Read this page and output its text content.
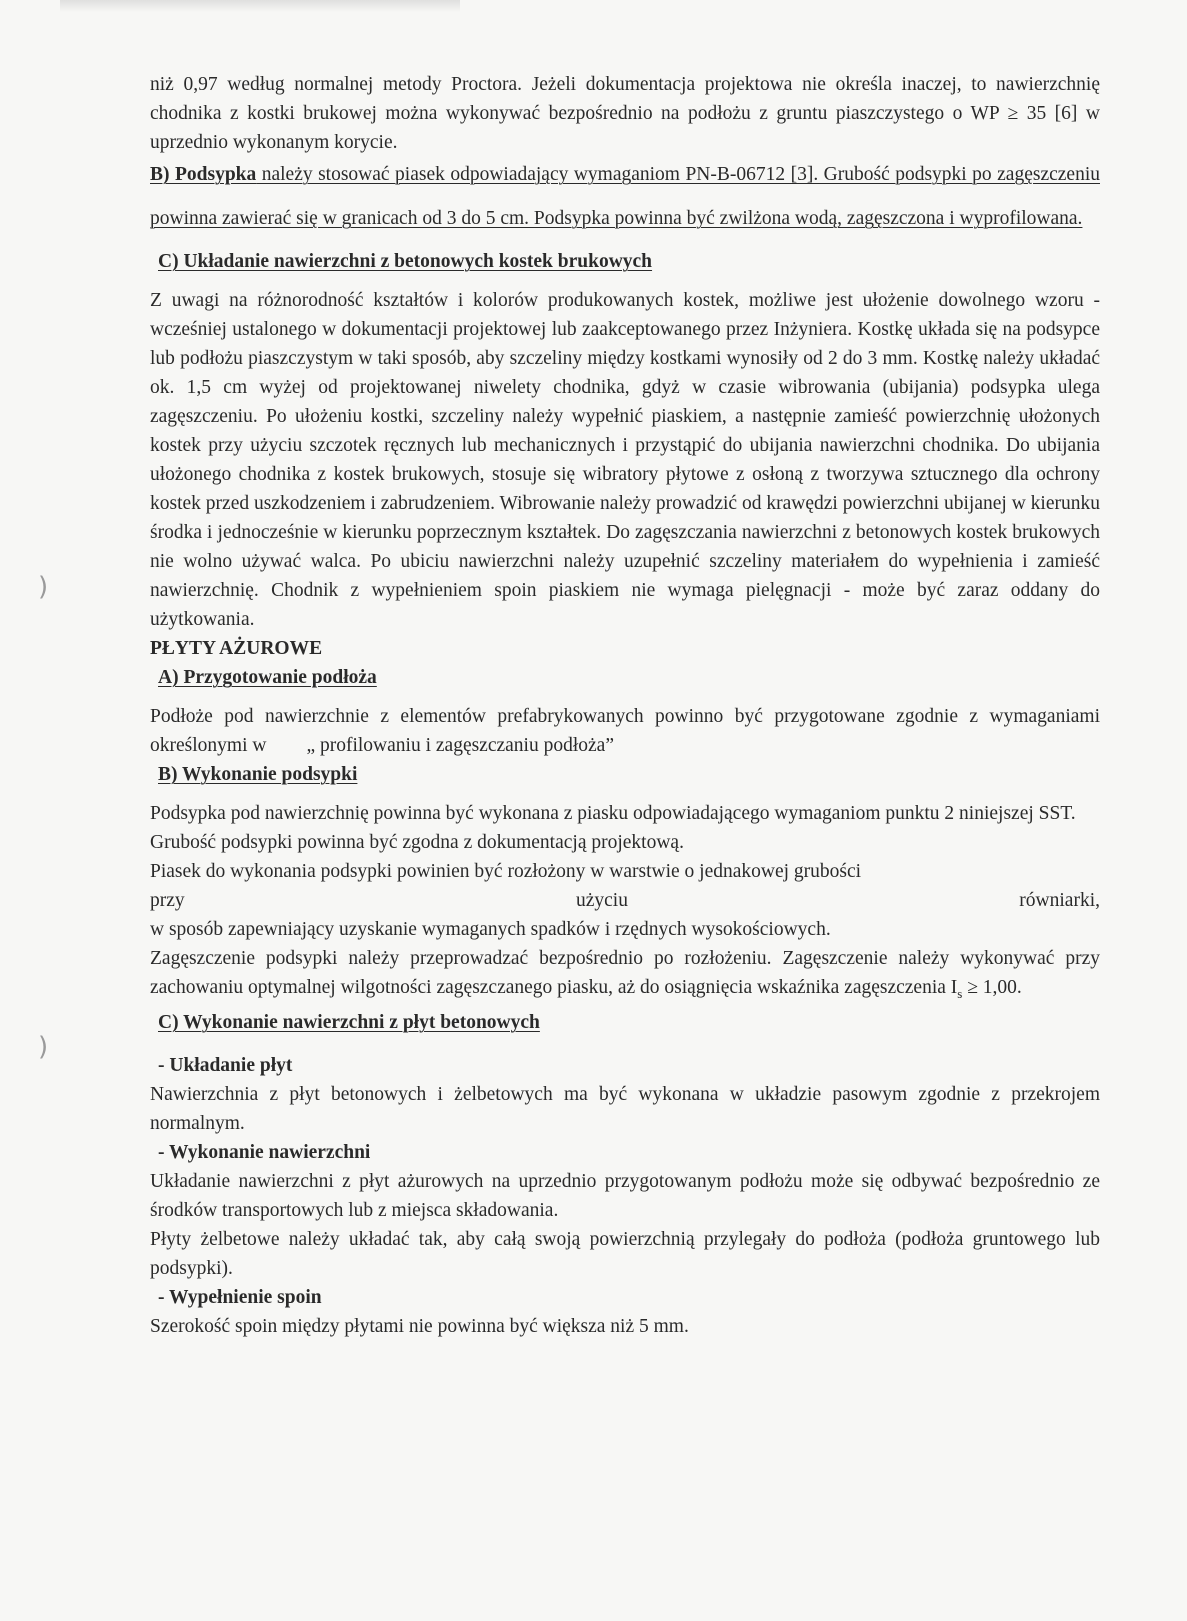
)
)

niż 0,97 według normalnej metody Proctora. Jeżeli dokumentacja projektowa nie określa inaczej, to nawierzchnię chodnika z kostki brukowej można wykonywać bezpośrednio na podłożu z gruntu piaszczystego o WP ≥ 35 [6] w uprzednio wykonanym korycie.

B) Podsypka należy stosować piasek odpowiadający wymaganiom PN-B-06712 [3]. Grubość podsypki po zagęszczeniu powinna zawierać się w granicach od 3 do 5 cm. Podsypka powinna być zwilżona wodą, zagęszczona i wyprofilowana.

C) Układanie nawierzchni z betonowych kostek brukowych

Z uwagi na różnorodność kształtów i kolorów produkowanych kostek, możliwe jest ułożenie dowolnego wzoru - wcześniej ustalonego w dokumentacji projektowej lub zaakceptowanego przez Inżyniera. Kostkę układa się na podsypce lub podłożu piaszczystym w taki sposób, aby szczeliny między kostkami wynosiły od 2 do 3 mm. Kostkę należy układać ok. 1,5 cm wyżej od projektowanej niwelety chodnika, gdyż w czasie wibrowania (ubijania) podsypka ulega zagęszczeniu. Po ułożeniu kostki, szczeliny należy wypełnić piaskiem, a następnie zamieść powierzchnię ułożonych kostek przy użyciu szczotek ręcznych lub mechanicznych i przystąpić do ubijania nawierzchni chodnika. Do ubijania ułożonego chodnika z kostek brukowych, stosuje się wibratory płytowe z osłoną z tworzywa sztucznego dla ochrony kostek przed uszkodzeniem i zabrudzeniem. Wibrowanie należy prowadzić od krawędzi powierzchni ubijanej w kierunku środka i jednocześnie w kierunku poprzecznym kształtek. Do zagęszczania nawierzchni z betonowych kostek brukowych nie wolno używać walca. Po ubiciu nawierzchni należy uzupełnić szczeliny materiałem do wypełnienia i zamieść nawierzchnię. Chodnik z wypełnieniem spoin piaskiem nie wymaga pielęgnacji - może być zaraz oddany do użytkowania.

PŁYTY AŻUROWE

A) Przygotowanie podłoża

Podłoże pod nawierzchnie z elementów prefabrykowanych powinno być przygotowane zgodnie z wymaganiami określonymi w „ profilowaniu i zagęszczaniu podłoża”

B) Wykonanie podsypki

Podsypka pod nawierzchnię powinna być wykonana z piasku odpowiadającego wymaganiom punktu 2 niniejszej SST.

Grubość podsypki powinna być zgodna z dokumentacją projektową.

Piasek do wykonania podsypki powinien być rozłożony w warstwie o jednakowej grubości

przy	użyciu	równiarki,

w sposób zapewniający uzyskanie wymaganych spadków i rzędnych wysokościowych.

Zagęszczenie podsypki należy przeprowadzać bezpośrednio po rozłożeniu. Zagęszczenie należy wykonywać przy zachowaniu optymalnej wilgotności zagęszczanego piasku, aż do osiągnięcia wskaźnika zagęszczenia $I_s \ge 1,00$.

C) Wykonanie nawierzchni z płyt betonowych

- Układanie płyt

Nawierzchnia z płyt betonowych i żelbetowych ma być wykonana w układzie pasowym zgodnie z przekrojem normalnym.

- Wykonanie nawierzchni

Układanie nawierzchni z płyt ażurowych na uprzednio przygotowanym podłożu może się odbywać bezpośrednio ze środków transportowych lub z miejsca składowania.

Płyty żelbetowe należy układać tak, aby całą swoją powierzchnią przylegały do podłoża (podłoża gruntowego lub podsypki).

- Wypełnienie spoin

Szerokość spoin między płytami nie powinna być większa niż 5 mm.
